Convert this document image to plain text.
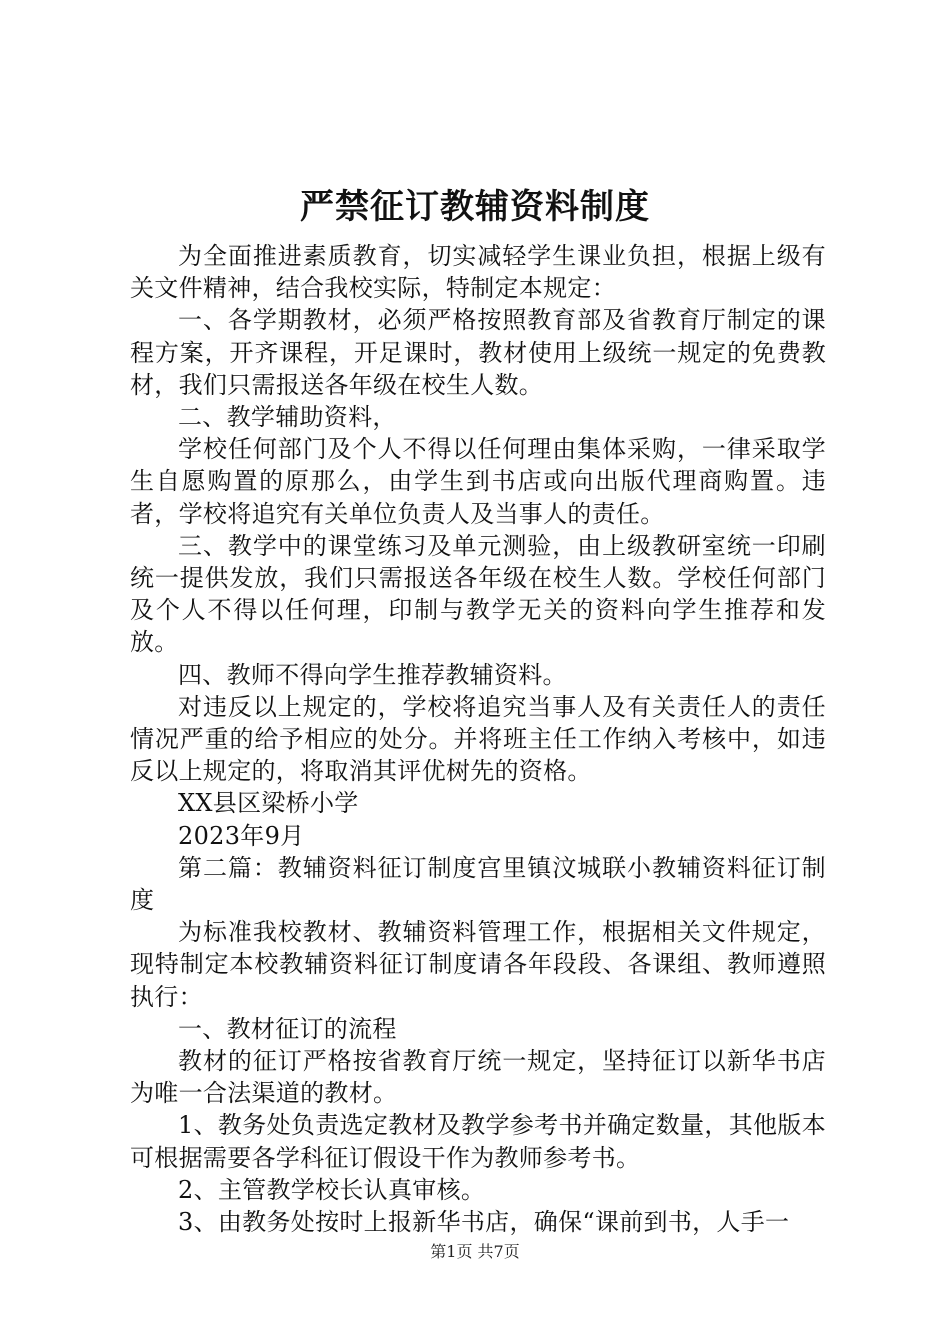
严禁征订教辅资料制度

为全面推进素质教育，切实减轻学生课业负担，根据上级有关文件精神，结合我校实际，特制定本规定：

一、各学期教材，必须严格按照教育部及省教育厅制定的课程方案，开齐课程，开足课时，教材使用上级统一规定的免费教材，我们只需报送各年级在校生人数。

二、教学辅助资料，

学校任何部门及个人不得以任何理由集体采购，一律采取学生自愿购置的原那么，由学生到书店或向出版代理商购置。违者，学校将追究有关单位负责人及当事人的责任。

三、教学中的课堂练习及单元测验，由上级教研室统一印刷统一提供发放，我们只需报送各年级在校生人数。学校任何部门及个人不得以任何理，印制与教学无关的资料向学生推荐和发放。

四、教师不得向学生推荐教辅资料。

对违反以上规定的，学校将追究当事人及有关责任人的责任情况严重的给予相应的处分。并将班主任工作纳入考核中，如违反以上规定的，将取消其评优树先的资格。

XX县区梁桥小学

2023年9月

第二篇：教辅资料征订制度宫里镇汶城联小教辅资料征订制度

为标准我校教材、教辅资料管理工作，根据相关文件规定，现特制定本校教辅资料征订制度请各年段段、各课组、教师遵照执行：

一、教材征订的流程

教材的征订严格按省教育厅统一规定，坚持征订以新华书店为唯一合法渠道的教材。

1、教务处负责选定教材及教学参考书并确定数量，其他版本可根据需要各学科征订假设干作为教师参考书。

2、主管教学校长认真审核。

3、由教务处按时上报新华书店，确保“课前到书，人手一

第1页 共7页
